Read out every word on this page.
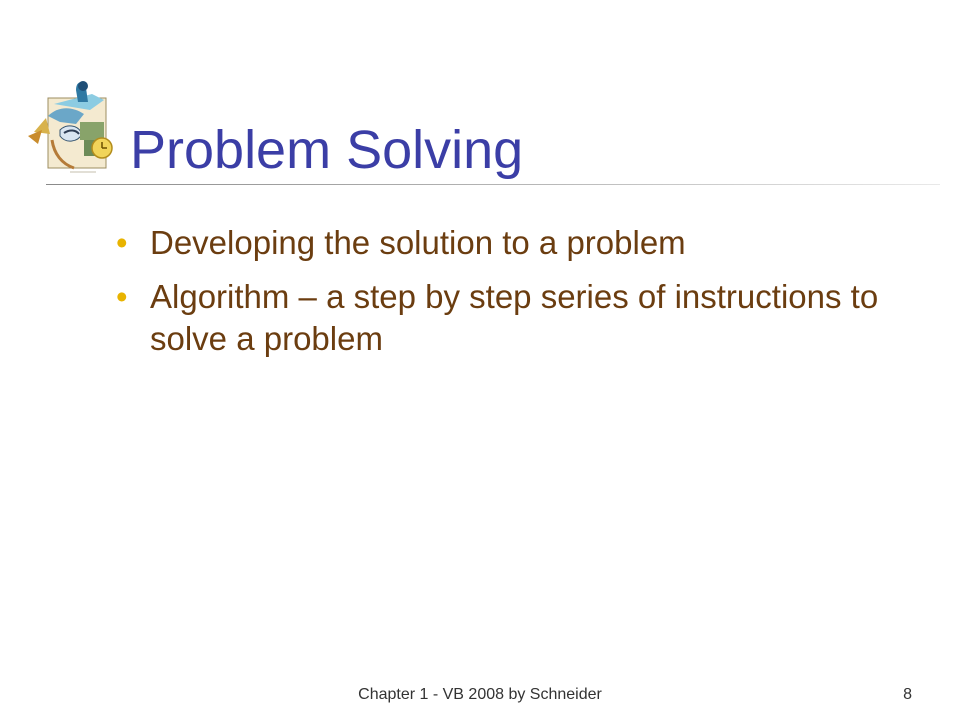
Problem Solving
• Developing the solution to a problem
• Algorithm – a step by step series of instructions to solve a problem
Chapter 1 - VB 2008 by Schneider	8
